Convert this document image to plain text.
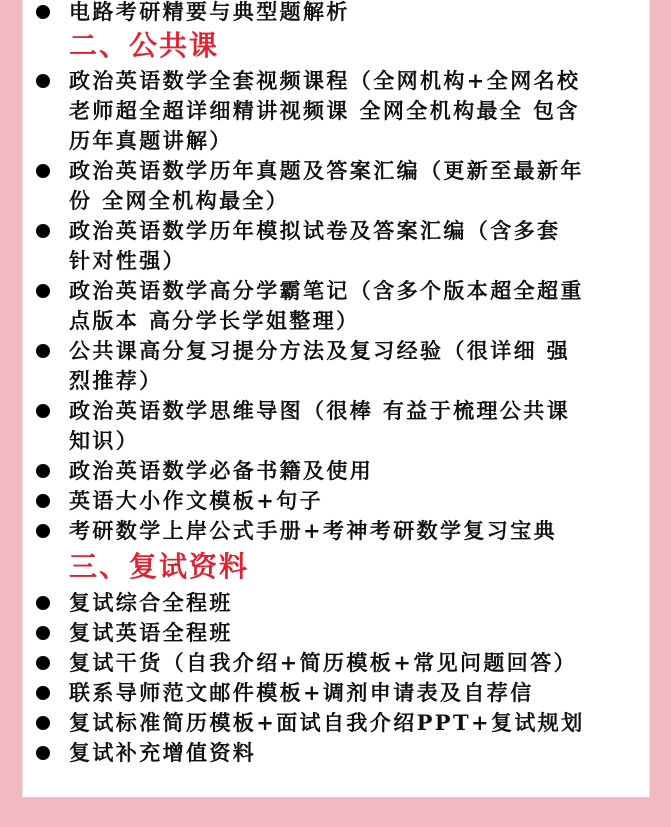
电路考研精要与典型题解析
二、公共课
政治英语数学全套视频课程（全网机构+全网名校
老师超全超详细精讲视频课 全网全机构最全 包含
历年真题讲解）
政治英语数学历年真题及答案汇编（更新至最新年
份 全网全机构最全）
政治英语数学历年模拟试卷及答案汇编（含多套
针对性强）
政治英语数学高分学霸笔记（含多个版本超全超重
点版本 高分学长学姐整理）
公共课高分复习提分方法及复习经验（很详细 强
烈推荐）
政治英语数学思维导图（很棒 有益于梳理公共课
知识）
政治英语数学必备书籍及使用
英语大小作文模板+句子
考研数学上岸公式手册+考神考研数学复习宝典
三、复试资料
复试综合全程班
复试英语全程班
复试干货（自我介绍+简历模板+常见问题回答）
联系导师范文邮件模板+调剂申请表及自荐信
复试标准简历模板+面试自我介绍PPT+复试规划
复试补充增值资料
